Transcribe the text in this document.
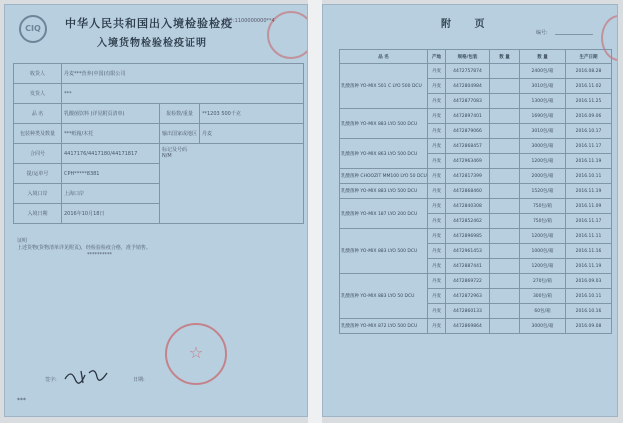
CIQ	中华人民共和国出入境检验检疫
入境货物检验检疫证明
编号:1100000000**4
收货人	丹麦***营养(中国)有限公司		
发货人	***		
品 名	乳酸菌饮料 (详见附页清单)	报检数/重量	**1203 500千克
包装种类及数量	***纸箱/木托	输出国家或地区	丹麦
合同号	4417176/4417180/44171817	标记及号码
N/M	
提/运单号	CPH*****8381		
入境口岸	上海口岸		
入境日期	2016年10月18日		
证明
上述货物(货物清单详见附页)，经检验检疫合格，准予销售。
**********
☆
签字:	日期:
***
附 页
编号:
品 名	产地	规格/包装	数 量	数 量	生产日期
乳酸菌种 YO-MIX 501 C LYO 500 DCU	丹麦	4472757874		2400包/箱	2016.08.28
	丹麦	4472804984		3010包/箱	2016.11.02
	丹麦	4472877083		1300包/箱	2016.11.25
乳酸菌种 YO-MIX 883 LYO 500 DCU	丹麦	4472897401		1690包/箱	2016.09.06
	丹麦	4472879066		3010包/箱	2016.10.17
乳酸菌种 YO-MIX 863 LYO 500 DCU	丹麦	4472868457		3000包/箱	2016.11.17
	丹麦	4472963469		1200包/箱	2016.11.19
乳酸菌种 CHOOZIT MM100 LYO 50 DCU	丹麦	4472817399		2000包/箱	2016.10.11
乳酸菌种 YO-MIX 883 LYO 500 DCU	丹麦	4472868460		1520包/箱	2016.11.19
乳酸菌种 YO-MIX 187 LYO 200 DCU	丹麦	4472840308		750包/箱	2016.11.09
	丹麦	4472852462		750包/箱	2016.11.17
乳酸菌种 YO-MIX 883 LYO 500 DCU	丹麦	4472896985		1200包/箱	2016.11.11
	丹麦	4472961453		1000包/箱	2016.11.16
	丹麦	4472887441		1200包/箱	2016.11.19
乳酸菌种 YO-MIX 883 LYO 50 DCU	丹麦	4472869722		270包/箱	2016.09.03
	丹麦	4472872963		300包/箱	2016.10.11
	丹麦	4472860133		60包/箱	2016.10.16
乳酸菌种 YO-MIX 872 LYO 500 DCU	丹麦	4472869864		3000包/箱	2016.09.08
